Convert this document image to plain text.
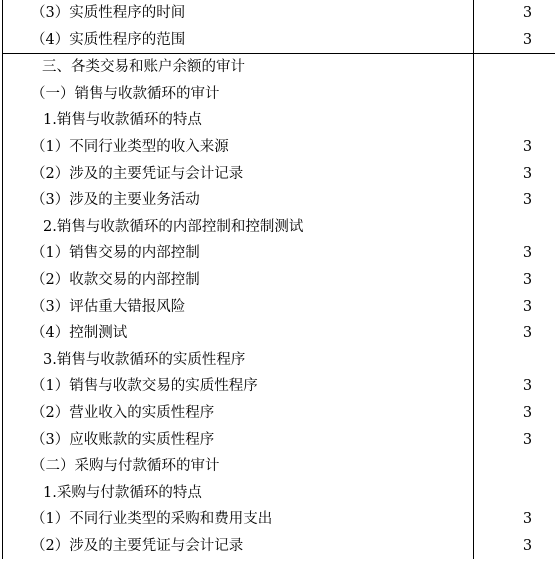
（3）实质性程序的时间	3
（4）实质性程序的范围	3
三、各类交易和账户余额的审计	
（一）销售与收款循环的审计	
1.销售与收款循环的特点	
（1）不同行业类型的收入来源	3
（2）涉及的主要凭证与会计记录	3
（3）涉及的主要业务活动	3
2.销售与收款循环的内部控制和控制测试	
（1）销售交易的内部控制	3
（2）收款交易的内部控制	3
（3）评估重大错报风险	3
（4）控制测试	3
3.销售与收款循环的实质性程序	
（1）销售与收款交易的实质性程序	3
（2）营业收入的实质性程序	3
（3）应收账款的实质性程序	3
（二）采购与付款循环的审计	
1.采购与付款循环的特点	
（1）不同行业类型的采购和费用支出	3
（2）涉及的主要凭证与会计记录	3
